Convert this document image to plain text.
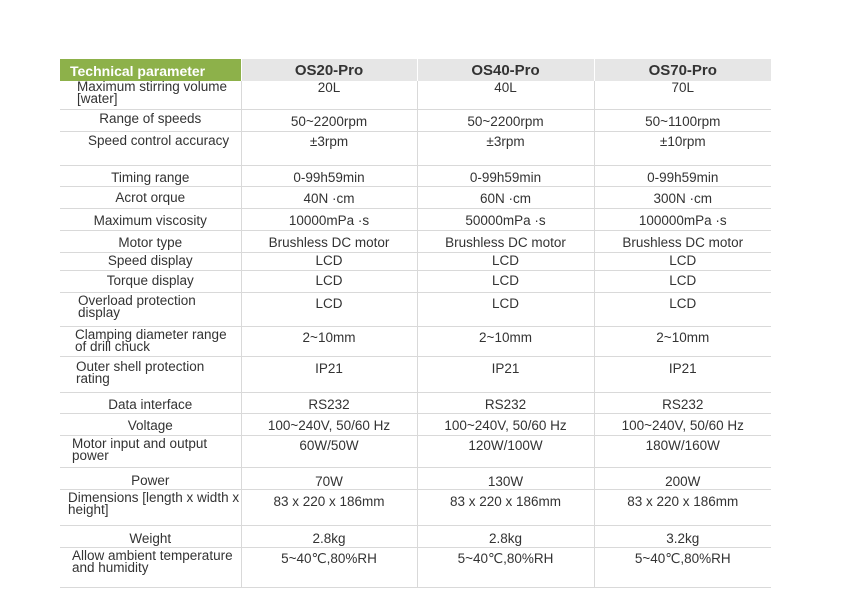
Technical parameter	OS20-Pro	OS40-Pro	OS70-Pro
Maximum stirring volume [water]	20L	40L	70L
Range of speeds	50~2200rpm	50~2200rpm	50~1100rpm
Speed control accuracy	±3rpm	±3rpm	±10rpm
Timing range	0-99h59min	0-99h59min	0-99h59min
Acrot orque	40N ·cm	60N ·cm	300N ·cm
Maximum viscosity	10000mPa ·s	50000mPa ·s	100000mPa ·s
Motor type	Brushless DC motor	Brushless DC motor	Brushless DC motor
Speed display	LCD	LCD	LCD
Torque display	LCD	LCD	LCD
Overload protection display	LCD	LCD	LCD
Clamping diameter range of drill chuck	2~10mm	2~10mm	2~10mm
Outer shell protection rating	IP21	IP21	IP21
Data interface	RS232	RS232	RS232
Voltage	100~240V, 50/60 Hz	100~240V, 50/60 Hz	100~240V, 50/60 Hz
Motor input and output power	60W/50W	120W/100W	180W/160W
Power	70W	130W	200W
Dimensions [length x width x height]	83 x 220 x 186mm	83 x 220 x 186mm	83 x 220 x 186mm
Weight	2.8kg	2.8kg	3.2kg
Allow ambient temperature and humidity	5~40℃,80%RH	5~40℃,80%RH	5~40℃,80%RH
